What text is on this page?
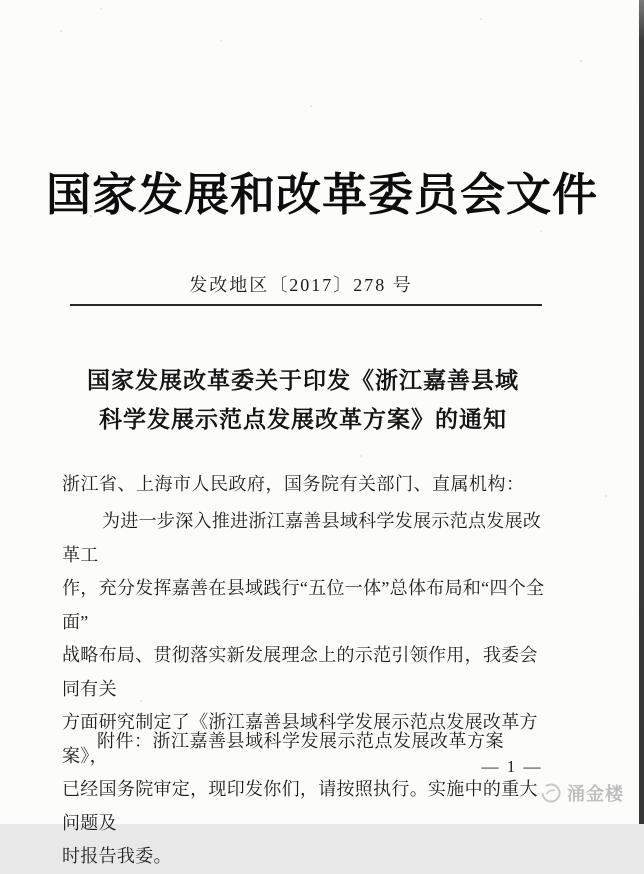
国家发展和改革委员会文件
发改地区〔2017〕278 号
国家发展改革委关于印发《浙江嘉善县域
科学发展示范点发展改革方案》的通知
浙江省、上海市人民政府，国务院有关部门、直属机构：
为进一步深入推进浙江嘉善县域科学发展示范点发展改革工
作，充分发挥嘉善在县域践行“五位一体”总体布局和“四个全面”
战略布局、贯彻落实新发展理念上的示范引领作用，我委会同有关
方面研究制定了《浙江嘉善县域科学发展示范点发展改革方案》，
已经国务院审定，现印发你们，请按照执行。实施中的重大问题及
时报告我委。
附件：浙江嘉善县域科学发展示范点发展改革方案
— 1 —
涌金楼
